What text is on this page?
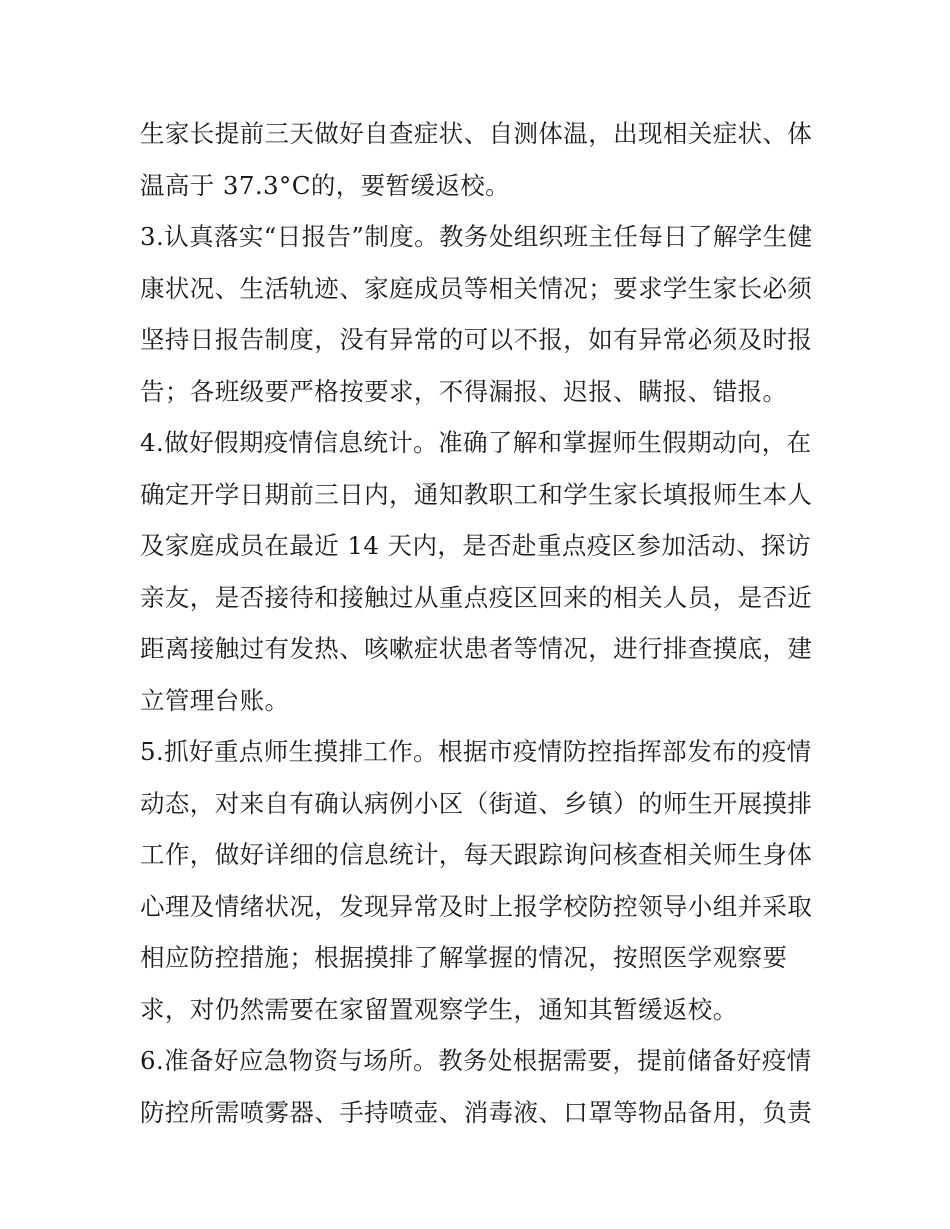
生家长提前三天做好自查症状、自测体温，出现相关症状、体
温高于 37.3°C的，要暂缓返校。
3.认真落实“日报告”制度。教务处组织班主任每日了解学生健
康状况、生活轨迹、家庭成员等相关情况；要求学生家长必须
坚持日报告制度，没有异常的可以不报，如有异常必须及时报
告；各班级要严格按要求，不得漏报、迟报、瞒报、错报。
4.做好假期疫情信息统计。准确了解和掌握师生假期动向，在
确定开学日期前三日内，通知教职工和学生家长填报师生本人
及家庭成员在最近 14 天内，是否赴重点疫区参加活动、探访
亲友，是否接待和接触过从重点疫区回来的相关人员，是否近
距离接触过有发热、咳嗽症状患者等情况，进行排查摸底，建
立管理台账。
5.抓好重点师生摸排工作。根据市疫情防控指挥部发布的疫情
动态，对来自有确认病例小区（街道、乡镇）的师生开展摸排
工作，做好详细的信息统计，每天跟踪询问核查相关师生身体
心理及情绪状况，发现异常及时上报学校防控领导小组并采取
相应防控措施；根据摸排了解掌握的情况，按照医学观察要
求，对仍然需要在家留置观察学生，通知其暂缓返校。
6.准备好应急物资与场所。教务处根据需要，提前储备好疫情
防控所需喷雾器、手持喷壶、消毒液、口罩等物品备用，负责
